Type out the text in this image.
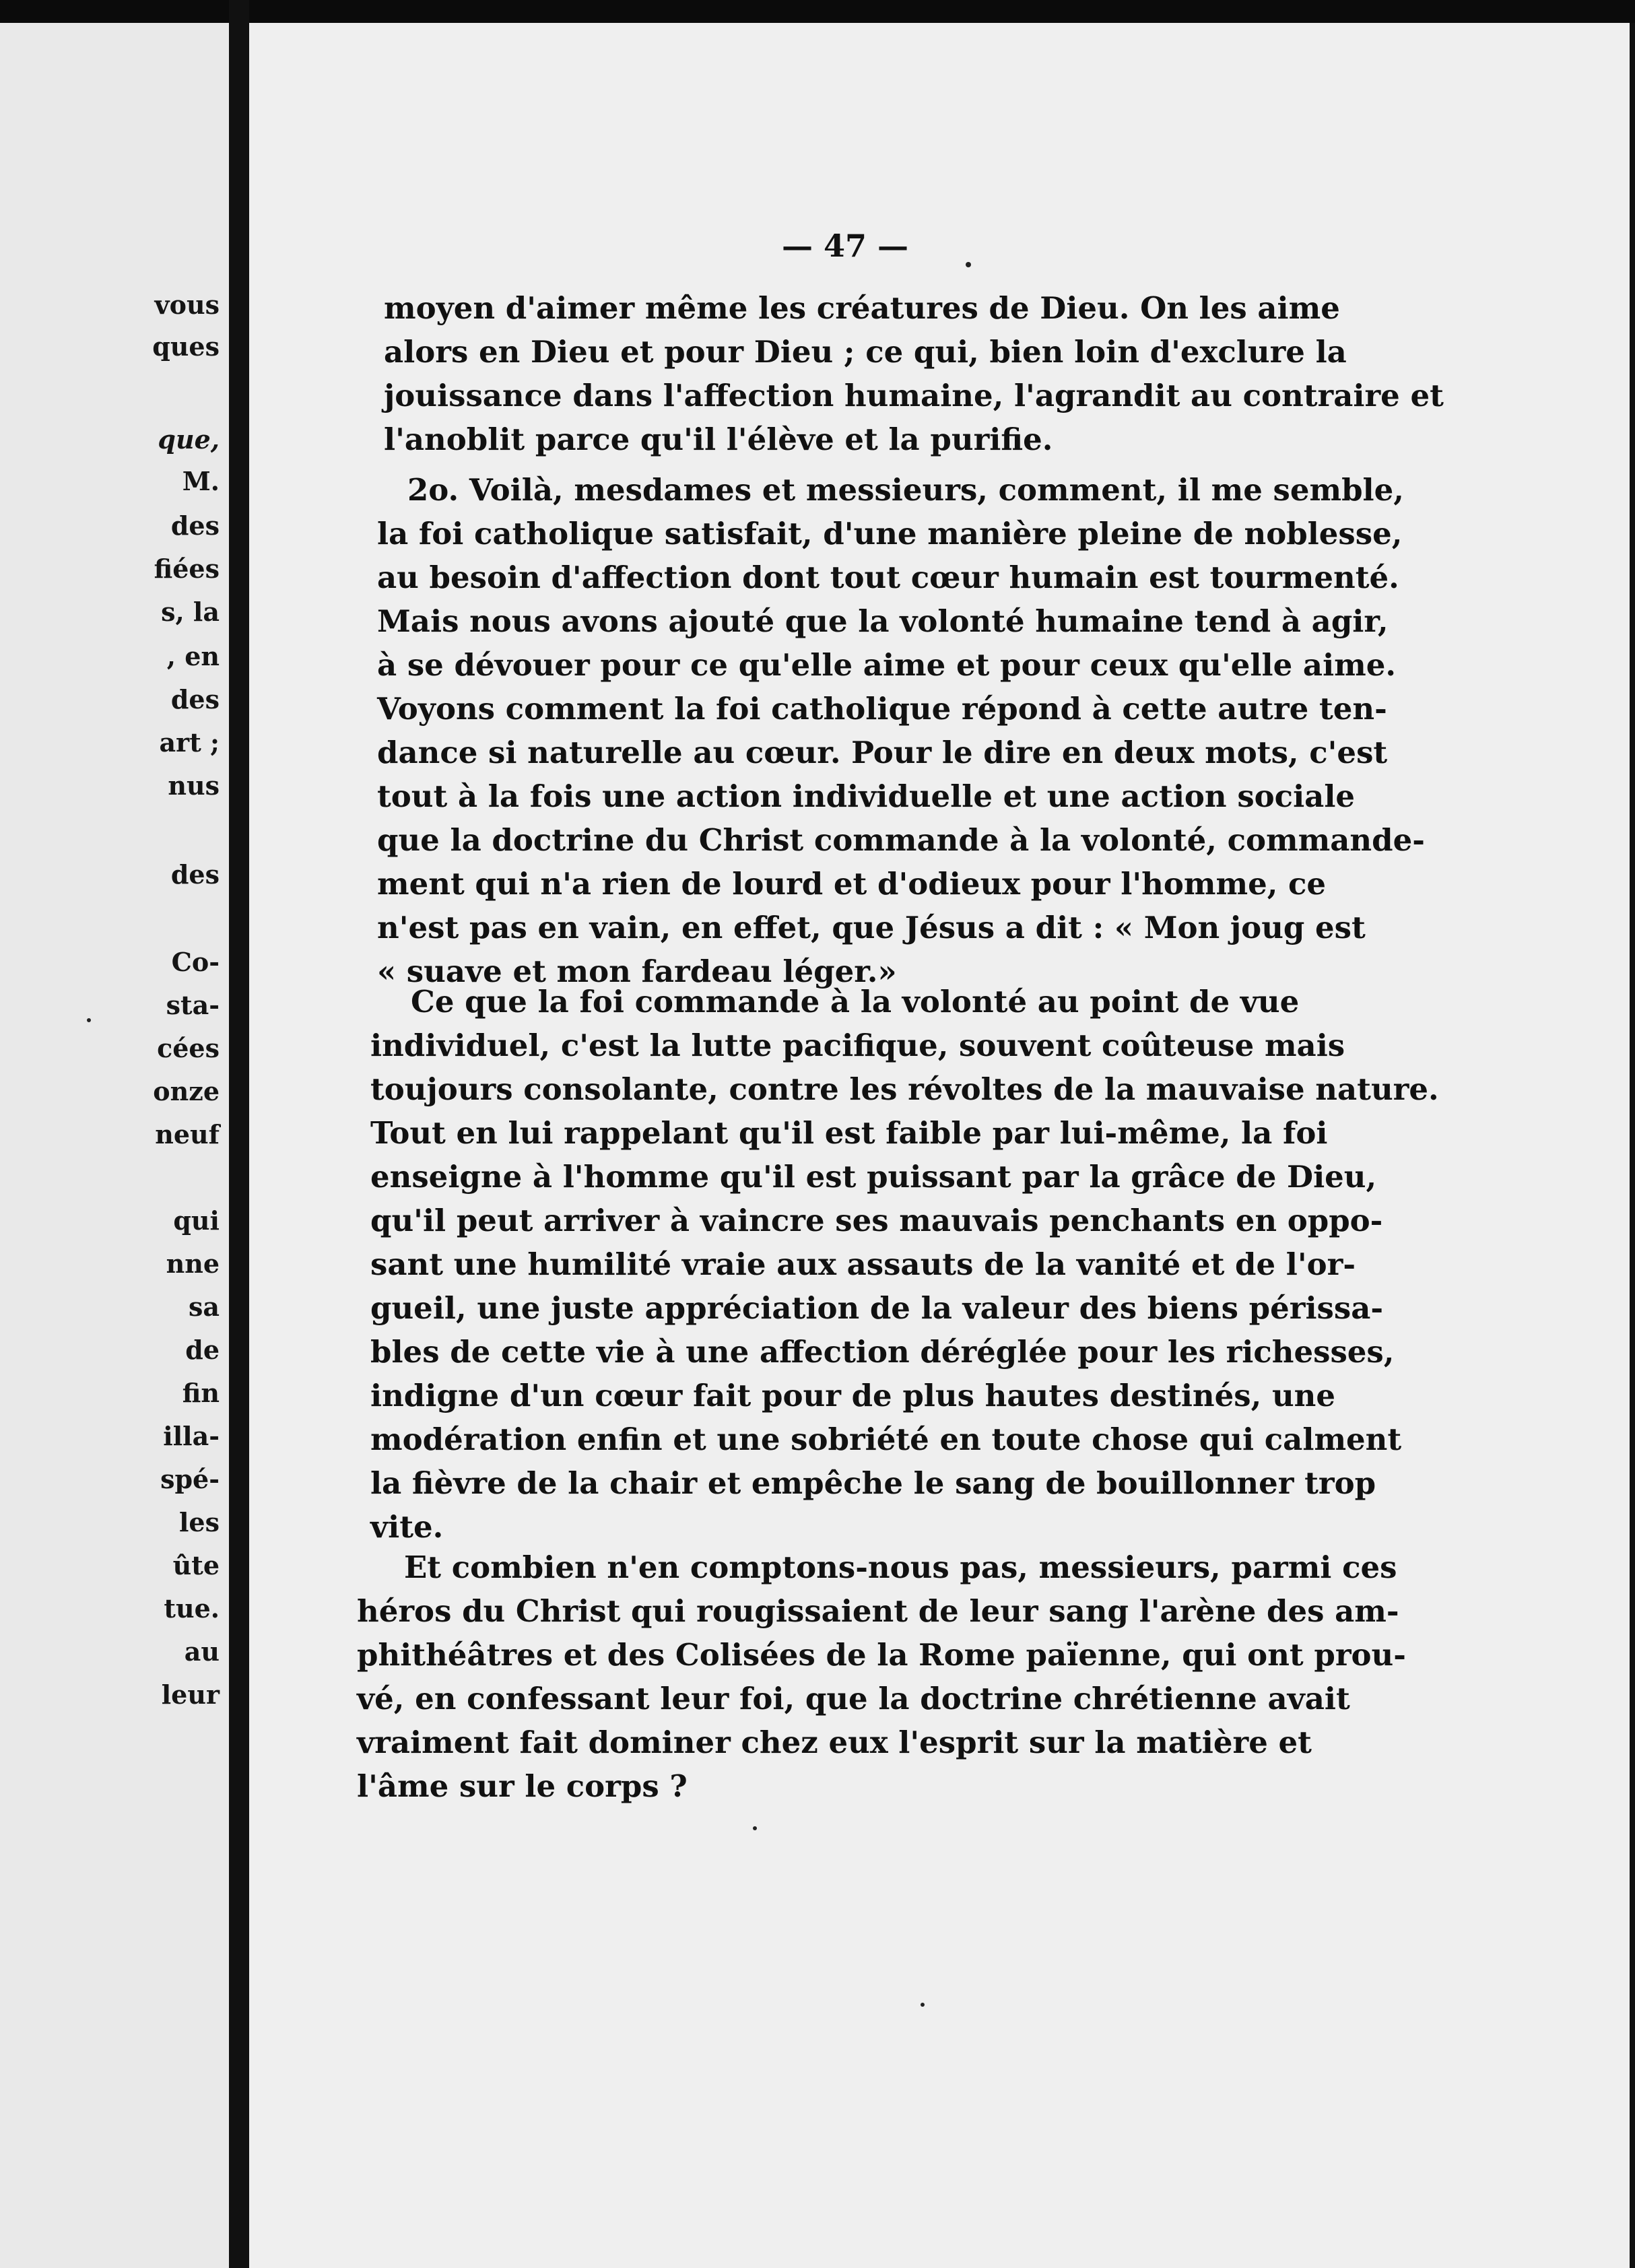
vous
ques
que,
M.
des
fiées
s, la
, en
des
art ;
nus
des
Co-
sta-
cées
onze
neuf
qui
nne
sa
de
fin
illa-
spé-
les
ûte
tue.
au
leur
— 47 —
moyen d'aimer même les créatures de Dieu. On les aime
alors en Dieu et pour Dieu ; ce qui, bien loin d'exclure la
jouissance dans l'affection humaine, l'agrandit au contraire et
l'anoblit parce qu'il l'élève et la purifie.
2o. Voilà, mesdames et messieurs, comment, il me semble,
la foi catholique satisfait, d'une manière pleine de noblesse,
au besoin d'affection dont tout cœur humain est tourmenté.
Mais nous avons ajouté que la volonté humaine tend à agir,
à se dévouer pour ce qu'elle aime et pour ceux qu'elle aime.
Voyons comment la foi catholique répond à cette autre ten-
dance si naturelle au cœur. Pour le dire en deux mots, c'est
tout à la fois une action individuelle et une action sociale
que la doctrine du Christ commande à la volonté, commande-
ment qui n'a rien de lourd et d'odieux pour l'homme, ce
n'est pas en vain, en effet, que Jésus a dit : « Mon joug est
« suave et mon fardeau léger.»
Ce que la foi commande à la volonté au point de vue
individuel, c'est la lutte pacifique, souvent coûteuse mais
toujours consolante, contre les révoltes de la mauvaise nature.
Tout en lui rappelant qu'il est faible par lui-même, la foi
enseigne à l'homme qu'il est puissant par la grâce de Dieu,
qu'il peut arriver à vaincre ses mauvais penchants en oppo-
sant une humilité vraie aux assauts de la vanité et de l'or-
gueil, une juste appréciation de la valeur des biens périssa-
bles de cette vie à une affection déréglée pour les richesses,
indigne d'un cœur fait pour de plus hautes destinés, une
modération enfin et une sobriété en toute chose qui calment
la fièvre de la chair et empêche le sang de bouillonner trop
vite.
Et combien n'en comptons-nous pas, messieurs, parmi ces
héros du Christ qui rougissaient de leur sang l'arène des am-
phithéâtres et des Colisées de la Rome païenne, qui ont prou-
vé, en confessant leur foi, que la doctrine chrétienne avait
vraiment fait dominer chez eux l'esprit sur la matière et
l'âme sur le corps ?
